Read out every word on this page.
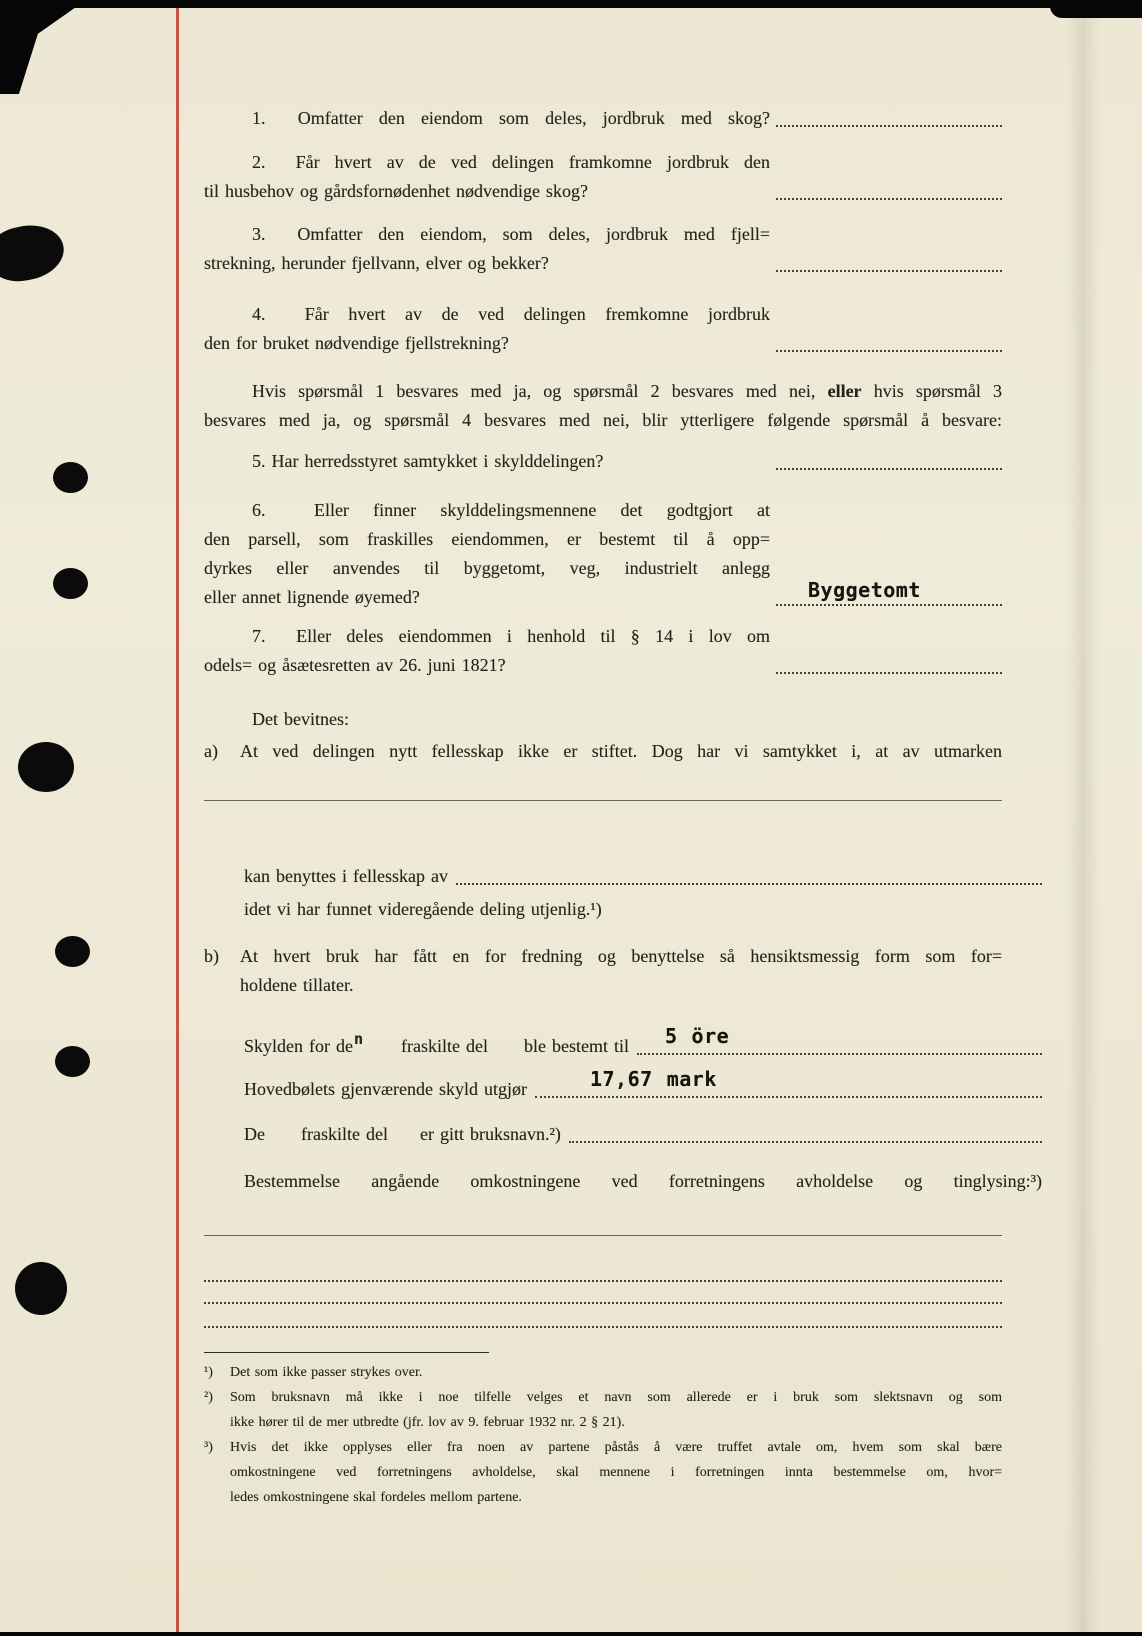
1.  Omfatter den eiendom som deles, jordbruk med skog?
2.  Får hvert av de ved delingen framkomne jordbruk den
til husbehov og gårdsfornødenhet nødvendige skog?
3.  Omfatter den eiendom, som deles, jordbruk med fjell=
strekning, herunder fjellvann, elver og bekker?
4.  Får hvert av de ved delingen fremkomne jordbruk
den for bruket nødvendige fjellstrekning?
Hvis spørsmål 1 besvares med ja, og spørsmål 2 besvares med nei, eller hvis spørsmål 3
besvares med ja, og spørsmål 4 besvares med nei, blir ytterligere følgende spørsmål å besvare:
5. Har herredsstyret samtykket i skylddelingen?
6.  Eller finner skylddelingsmennene det godtgjort at
den parsell, som fraskilles eiendommen, er bestemt til å opp=
dyrkes eller anvendes til byggetomt, veg, industrielt anlegg
eller annet lignende øyemed?	Byggetomt
7.  Eller deles eiendommen i henhold til § 14 i lov om
odels= og åsætesretten av 26. juni 1821?
Det bevitnes:
a)	At ved delingen nytt fellesskap ikke er stiftet. Dog har vi samtykket i, at av utmarken
kan benyttes i fellesskap av
idet vi har funnet videregående deling utjenlig.¹)
b)	At hvert bruk har fått en for fredning og benyttelse så hensiktsmessig form som for=
holdene tillater.
Skylden for $de^n$ fraskilte del ble bestemt til 5 öre
Hovedbølets gjenværende skyld utgjør	17,67 mark
De fraskilte del er gitt bruksnavn.²)
Bestemmelse angående omkostningene ved forretningens avholdelse og tinglysing:³)
¹)	Det som ikke passer strykes over.
²)	Som bruksnavn må ikke i noe tilfelle velges et navn som allerede er i bruk som slektsnavn og som
ikke hører til de mer utbredte (jfr. lov av 9. februar 1932 nr. 2 § 21).
³)	Hvis det ikke opplyses eller fra noen av partene påstås å være truffet avtale om, hvem som skal bære
omkostningene ved forretningens avholdelse, skal mennene i forretningen innta bestemmelse om, hvor=
ledes omkostningene skal fordeles mellom partene.
